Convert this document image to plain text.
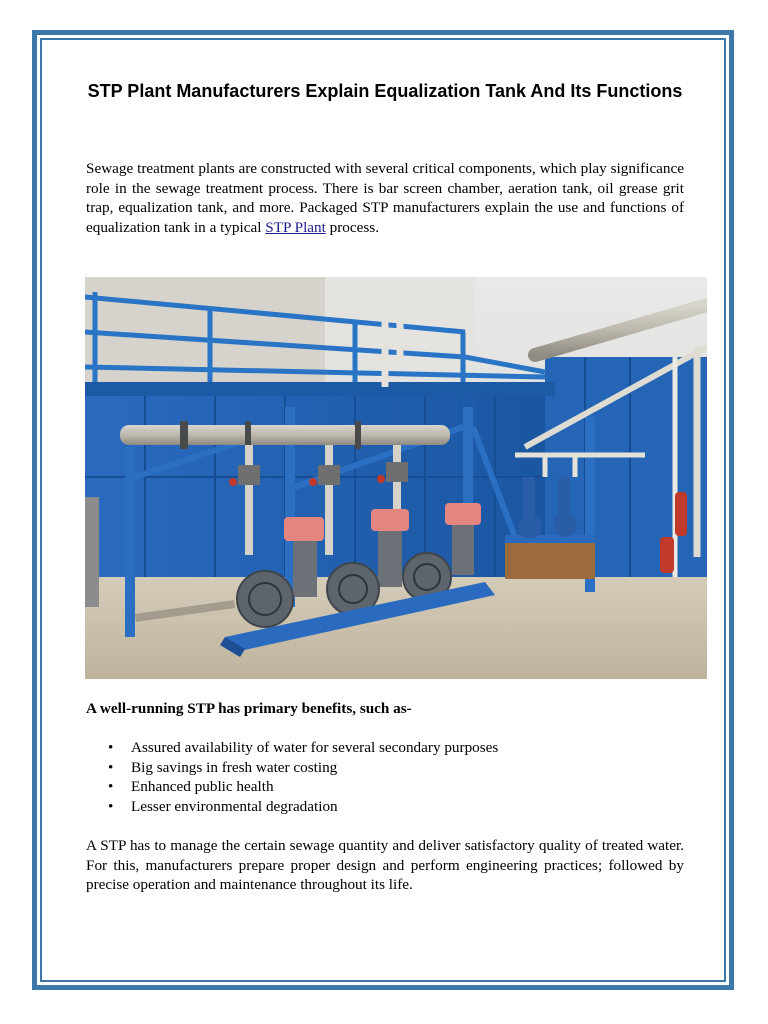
STP Plant Manufacturers Explain Equalization Tank And Its Functions
Sewage treatment plants are constructed with several critical components, which play significance role in the sewage treatment process. There is bar screen chamber, aeration tank, oil grease grit trap, equalization tank, and more. Packaged STP manufacturers explain the use and functions of equalization tank in a typical STP Plant process.
A well-running STP has primary benefits, such as-
• Assured availability of water for several secondary purposes
• Big savings in fresh water costing
• Enhanced public health
• Lesser environmental degradation
A STP has to manage the certain sewage quantity and deliver satisfactory quality of treated water. For this, manufacturers prepare proper design and perform engineering practices; followed by precise operation and maintenance throughout its life.
